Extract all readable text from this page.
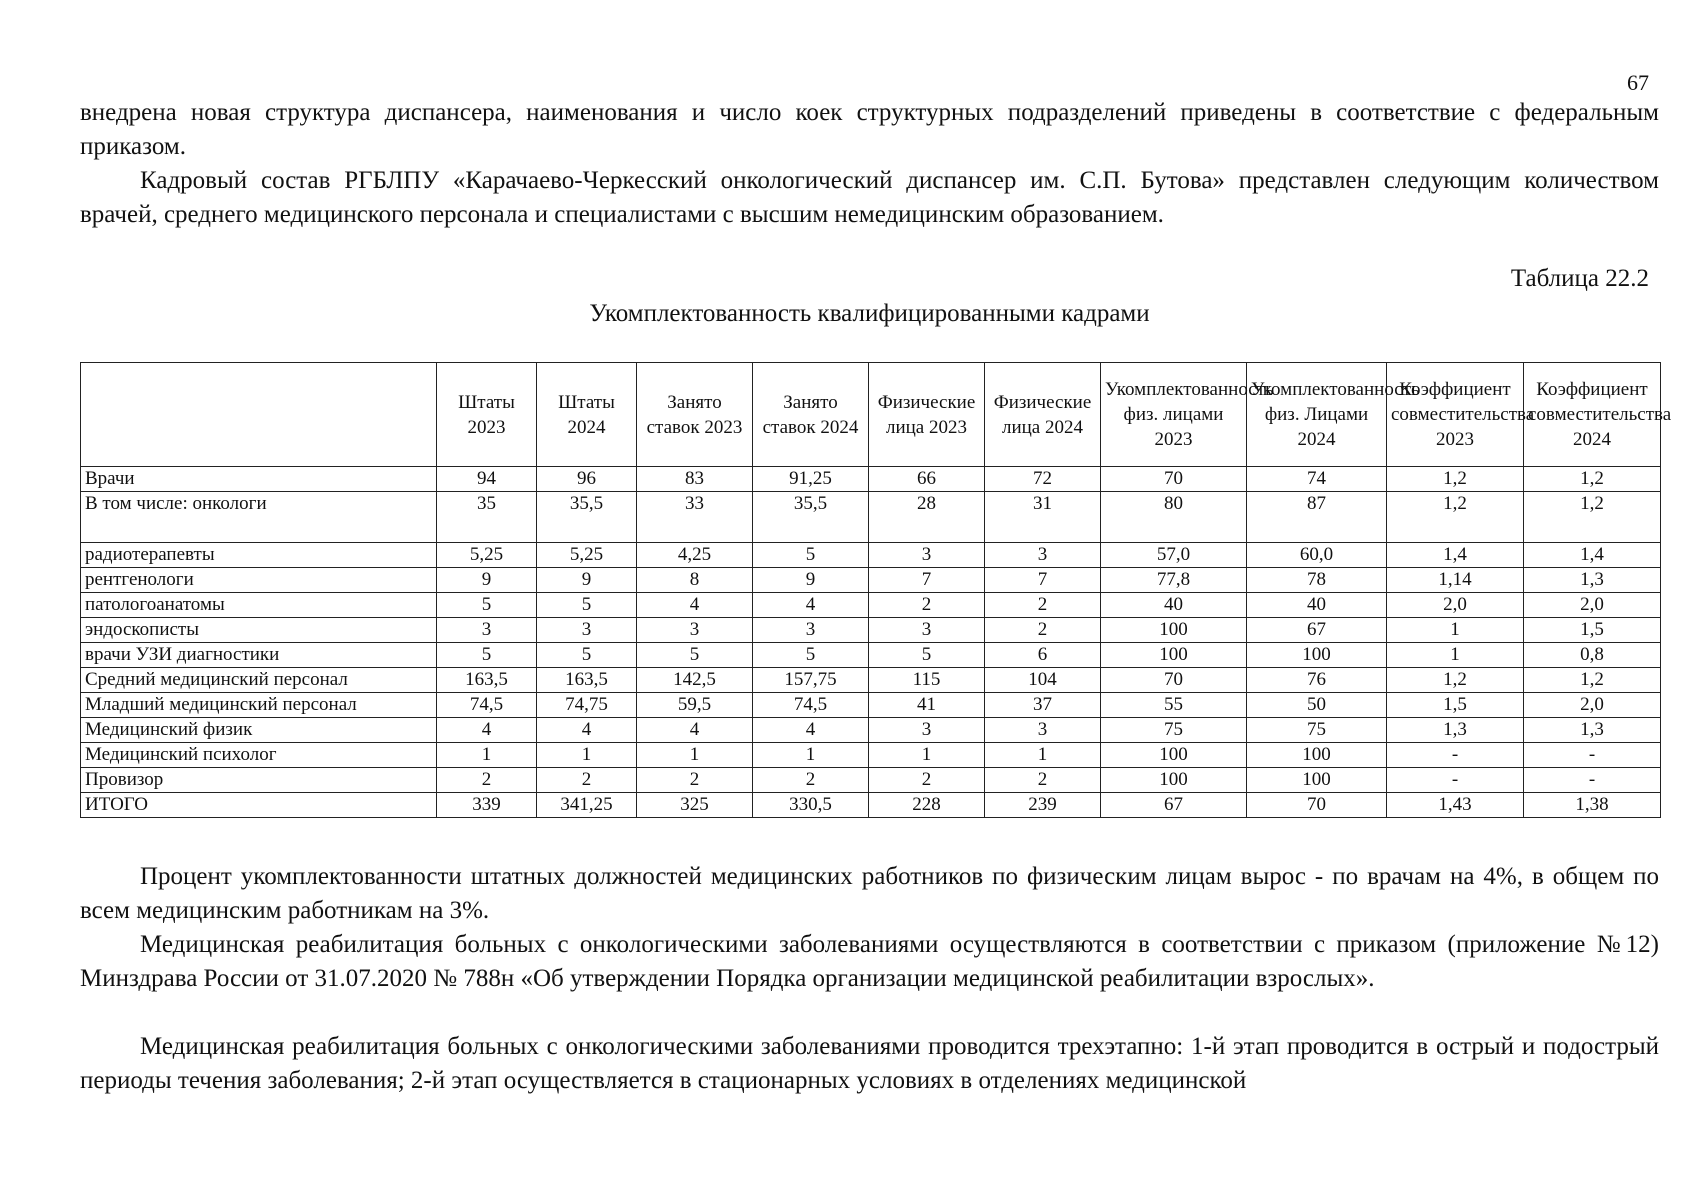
67

внедрена новая структура диспансера, наименования и число коек структурных подразделений приведены в соответствие с федеральным приказом.

Кадровый состав РГБЛПУ «Карачаево-Черкесский онкологический диспансер им. С.П. Бутова» представлен следующим количеством врачей, среднего медицинского персонала и специалистами с высшим немедицинским образованием.

Таблица 22.2
Укомплектованность квалифицированными кадрами
	Штаты 2023	Штаты 2024	Занято ставок 2023	Занято ставок 2024	Физические лица 2023	Физические лица 2024	Укомплектованность физ. лицами 2023	Укомплектованность физ. Лицами 2024	Коэффициент совместительства 2023	Коэффициент совместительства 2024
Врачи	94	96	83	91,25	66	72	70	74	1,2	1,2
В том числе: онкологи	35	35,5	33	35,5	28	31	80	87	1,2	1,2
радиотерапевты	5,25	5,25	4,25	5	3	3	57,0	60,0	1,4	1,4
рентгенологи	9	9	8	9	7	7	77,8	78	1,14	1,3
патологоанатомы	5	5	4	4	2	2	40	40	2,0	2,0
эндоскописты	3	3	3	3	3	2	100	67	1	1,5
врачи УЗИ диагностики	5	5	5	5	5	6	100	100	1	0,8
Средний медицинский персонал	163,5	163,5	142,5	157,75	115	104	70	76	1,2	1,2
Младший медицинский персонал	74,5	74,75	59,5	74,5	41	37	55	50	1,5	2,0
Медицинский физик	4	4	4	4	3	3	75	75	1,3	1,3
Медицинский психолог	1	1	1	1	1	1	100	100	-	-
Провизор	2	2	2	2	2	2	100	100	-	-
ИТОГО	339	341,25	325	330,5	228	239	67	70	1,43	1,38

Процент укомплектованности штатных должностей медицинских работников по физическим лицам вырос - по врачам на 4%, в общем по всем медицинским работникам на 3%.

Медицинская реабилитация больных с онкологическими заболеваниями осуществляются в соответствии с приказом (приложение №12) Минздрава России от 31.07.2020 № 788н «Об утверждении Порядка организации медицинской реабилитации взрослых».

Медицинская реабилитация больных с онкологическими заболеваниями проводится трехэтапно: 1-й этап проводится в острый и подострый периоды течения заболевания; 2-й этап осуществляется в стационарных условиях в отделениях медицинской
